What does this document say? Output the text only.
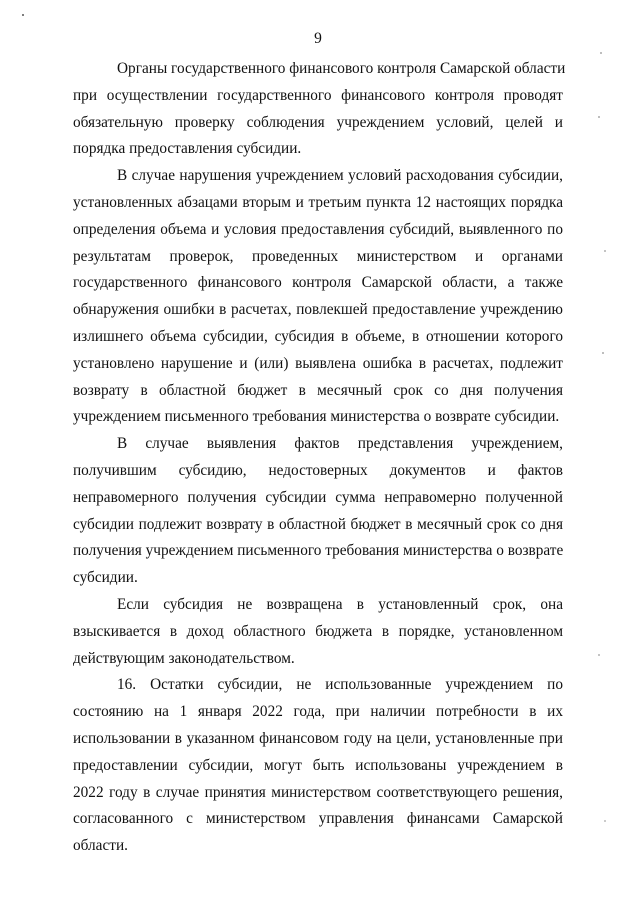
9

Органы государственного финансового контроля Самарской области
при осуществлении государственного финансового контроля проводят
обязательную проверку соблюдения учреждением условий, целей и
порядка предоставления субсидии.

В случае нарушения учреждением условий расходования субсидии,
установленных абзацами вторым и третьим пункта 12 настоящих порядка
определения объема и условия предоставления субсидий, выявленного по
результатам проверок, проведенных министерством и органами
государственного финансового контроля Самарской области, а также
обнаружения ошибки в расчетах, повлекшей предоставление учреждению
излишнего объема субсидии, субсидия в объеме, в отношении которого
установлено нарушение и (или) выявлена ошибка в расчетах, подлежит
возврату в областной бюджет в месячный срок со дня получения
учреждением письменного требования министерства о возврате субсидии.

В случае выявления фактов представления учреждением,
получившим субсидию, недостоверных документов и фактов
неправомерного получения субсидии сумма неправомерно полученной
субсидии подлежит возврату в областной бюджет в месячный срок со дня
получения учреждением письменного требования министерства о возврате
субсидии.

Если субсидия не возвращена в установленный срок, она
взыскивается в доход областного бюджета в порядке, установленном
действующим законодательством.

16. Остатки субсидии, не использованные учреждением по
состоянию на 1 января 2022 года, при наличии потребности в их
использовании в указанном финансовом году на цели, установленные при
предоставлении субсидии, могут быть использованы учреждением в
2022 году в случае принятия министерством соответствующего решения,
согласованного с министерством управления финансами Самарской
области.
